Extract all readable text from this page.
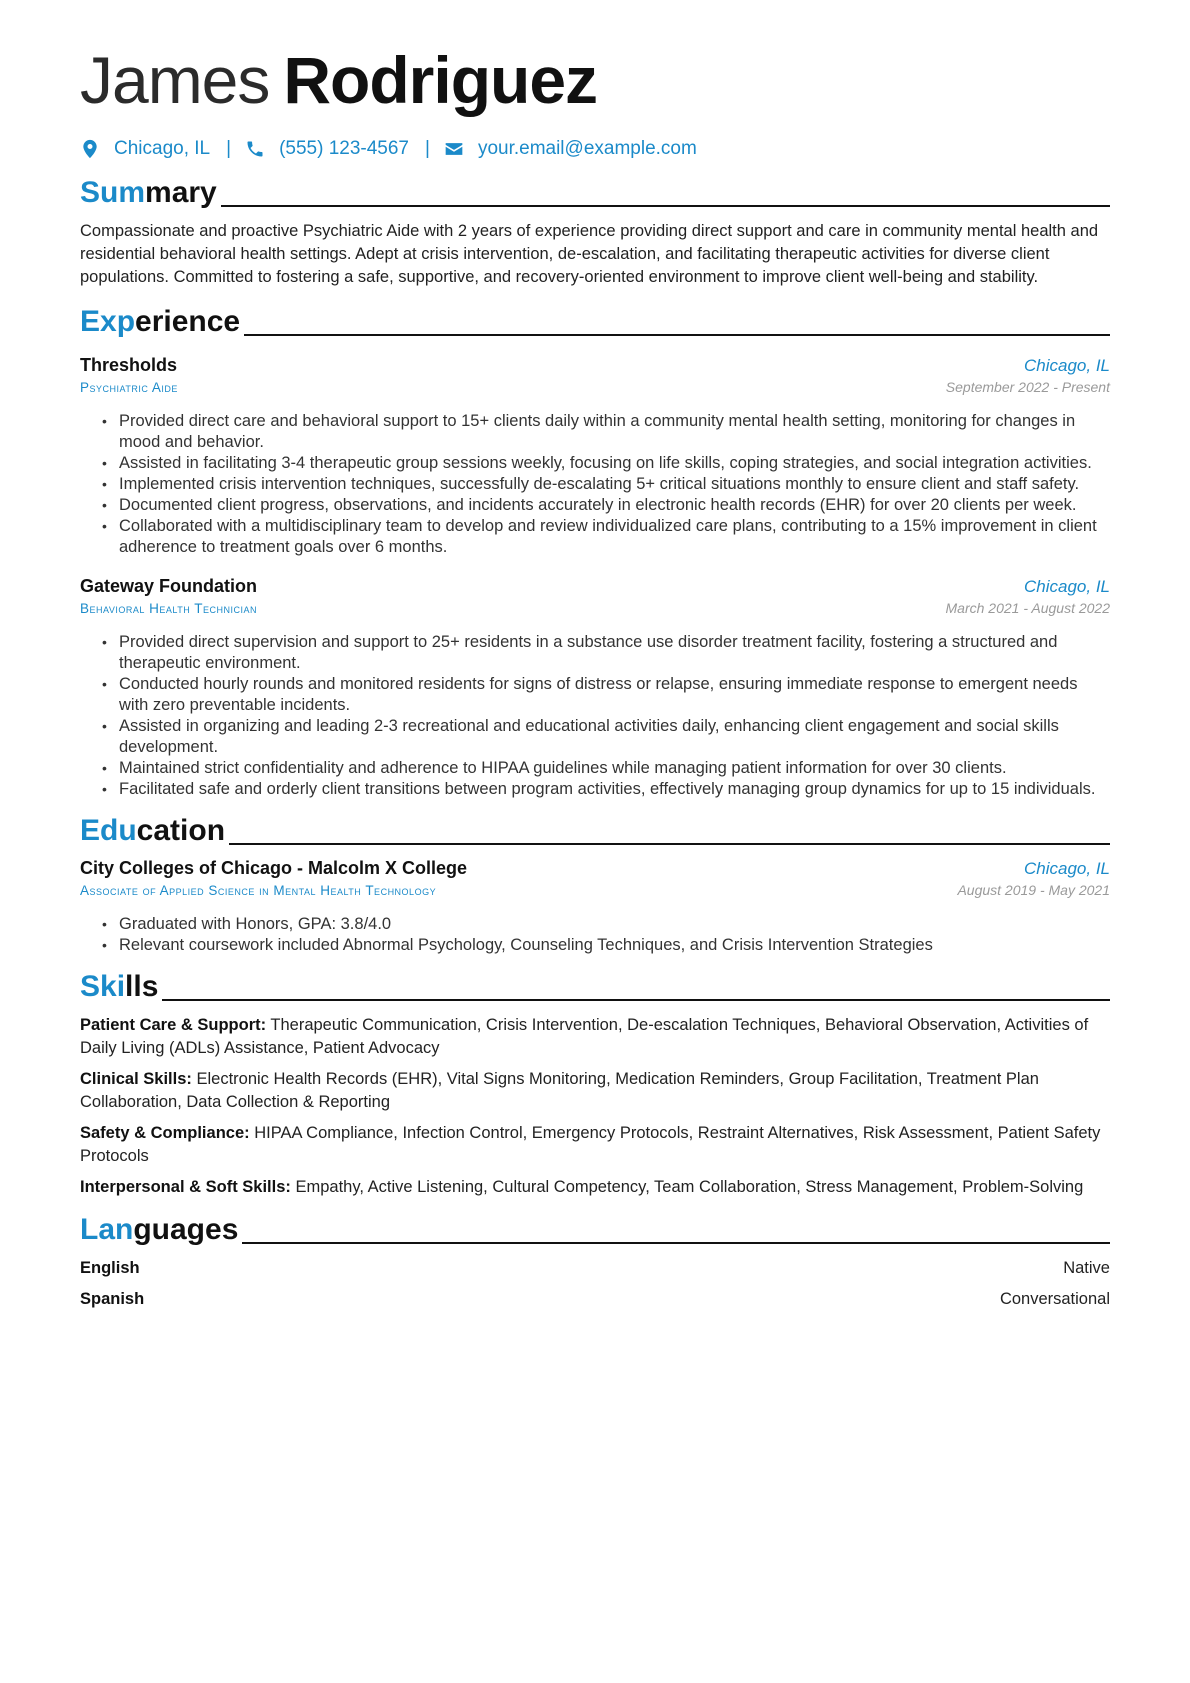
James Rodriguez
Chicago, IL |	(555) 123-4567 |	your.email@example.com
Summary

Compassionate and proactive Psychiatric Aide with 2 years of experience providing direct support and care in community mental health and residential behavioral health settings. Adept at crisis intervention, de-escalation, and facilitating therapeutic activities for diverse client populations. Committed to fostering a safe, supportive, and recovery-oriented environment to improve client well-being and stability.

Experience
Thresholds	Chicago, IL
Psychiatric Aide	September 2022 - Present
• Provided direct care and behavioral support to 15+ clients daily within a community mental health setting, monitoring for changes in mood and behavior.
• Assisted in facilitating 3-4 therapeutic group sessions weekly, focusing on life skills, coping strategies, and social integration activities.
• Implemented crisis intervention techniques, successfully de-escalating 5+ critical situations monthly to ensure client and staff safety.
• Documented client progress, observations, and incidents accurately in electronic health records (EHR) for over 20 clients per week.
• Collaborated with a multidisciplinary team to develop and review individualized care plans, contributing to a 15% improvement in client adherence to treatment goals over 6 months.
Gateway Foundation	Chicago, IL
Behavioral Health Technician	March 2021 - August 2022
• Provided direct supervision and support to 25+ residents in a substance use disorder treatment facility, fostering a structured and therapeutic environment.
• Conducted hourly rounds and monitored residents for signs of distress or relapse, ensuring immediate response to emergent needs with zero preventable incidents.
• Assisted in organizing and leading 2-3 recreational and educational activities daily, enhancing client engagement and social skills development.
• Maintained strict confidentiality and adherence to HIPAA guidelines while managing patient information for over 30 clients.
• Facilitated safe and orderly client transitions between program activities, effectively managing group dynamics for up to 15 individuals.
Education
City Colleges of Chicago - Malcolm X College	Chicago, IL
Associate of Applied Science in Mental Health Technology	August 2019 - May 2021
• Graduated with Honors, GPA: 3.8/4.0
• Relevant coursework included Abnormal Psychology, Counseling Techniques, and Crisis Intervention Strategies
Skills
Patient Care & Support: Therapeutic Communication, Crisis Intervention, De-escalation Techniques, Behavioral Observation, Activities of Daily Living (ADLs) Assistance, Patient Advocacy
Clinical Skills: Electronic Health Records (EHR), Vital Signs Monitoring, Medication Reminders, Group Facilitation, Treatment Plan Collaboration, Data Collection & Reporting
Safety & Compliance: HIPAA Compliance, Infection Control, Emergency Protocols, Restraint Alternatives, Risk Assessment, Patient Safety Protocols
Interpersonal & Soft Skills: Empathy, Active Listening, Cultural Competency, Team Collaboration, Stress Management, Problem-Solving
Languages
English	Native
Spanish	Conversational
